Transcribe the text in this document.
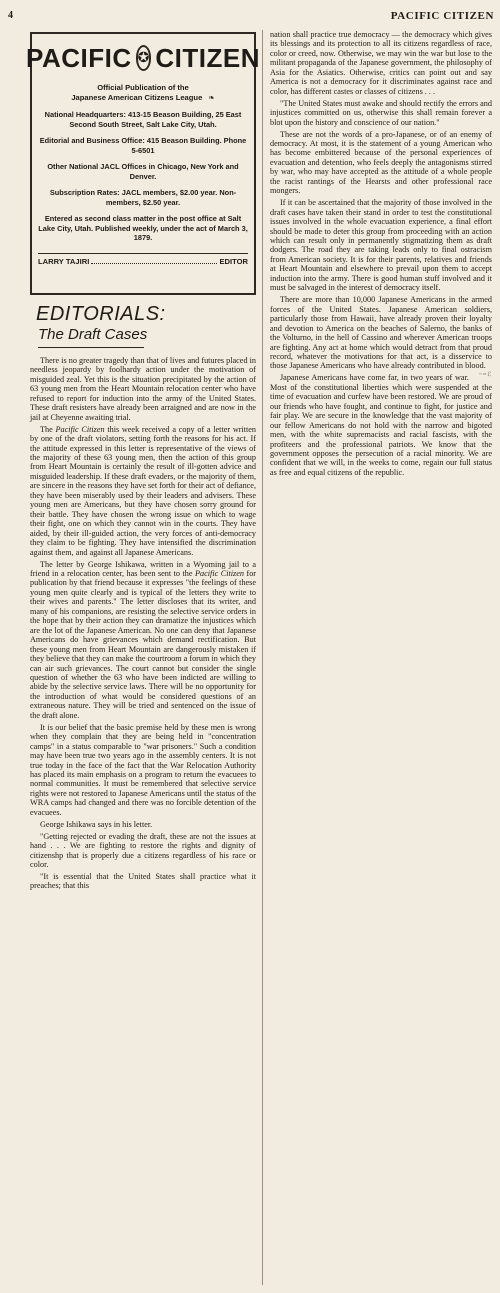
4	PACIFIC CITIZEN
PACIFIC ✪ CITIZEN
Official Publication of the
Japanese American Citizens League ❧

National Headquarters: 413-15 Beason Building, 25 East Second South Street, Salt Lake City, Utah.

Editorial and Business Office: 415 Beason Building. Phone 5-6501

Other National JACL Offices in Chicago, New York and Denver.

Subscription Rates: JACL members, $2.00 year. Non-members, $2.50 year.

Entered as second class matter in the post office at Salt Lake City, Utah. Published weekly, under the act of March 3, 1879.

LARRY TAJIRI	EDITOR
EDITORIALS:
The Draft Cases

There is no greater tragedy than that of lives and futures placed in needless jeopardy by foolhardy action under the motivation of misguided zeal. Yet this is the situation precipitated by the action of 63 young men from the Heart Mountain relocation center who have refused to report for induction into the army of the United States. These draft resisters have already been arraigned and are now in the jail at Cheyenne awaiting trial.

The Pacific Citizen this week received a copy of a letter written by one of the draft violators, setting forth the reasons for his act. If the attitude expressed in this letter is representative of the views of the majority of these 63 young men, then the action of this group from Heart Mountain is certainly the result of ill-gotten advice and misguided leadership. If these draft evaders, or the majority of them, are sincere in the reasons they have set forth for their act of defiance, they have been miserably used by their leaders and advisers. These young men are Americans, but they have chosen sorry ground for their battle. They have chosen the wrong issue on which to wage their fight, one on which they cannot win in the courts. They have aided, by their ill-guided action, the very forces of anti-democracy they claim to be fighting. They have intensified the discrimination against them, and against all Japanese Americans.

The letter by George Ishikawa, written in a Wyoming jail to a friend in a relocation center, has been sent to the Pacific Citizen for publication by that friend because it expresses "the feelings of these young men quite clearly and is typical of the letters they write to their wives and parents." The letter discloses that its writer, and many of his companions, are resisting the selective service orders in the hope that by their action they can dramatize the injustices which are the lot of the Japanese American. No one can deny that Japanese Americans do have grievances which demand rectification. But these young men from Heart Mountain are dangerously mistaken if they believe that they can make the courtroom a forum in which they can air such grievances. The court cannot but consider the single question of whether the 63 who have been indicted are willing to abide by the selective service laws. There will be no opportunity for the introduction of what would be considered questions of an extraneous nature. They will be tried and sentenced on the issue of the draft alone.

It is our belief that the basic premise held by these men is wrong when they complain that they are being held in "concentration camps" in a status comparable to "war prisoners." Such a condition may have been true two years ago in the assembly centers. It is not true today in the face of the fact that the War Relocation Authority has placed its main emphasis on a program to return the evacuees to normal communities. It must be remembered that selective service rights were not restored to Japanese Americans until the status of the WRA camps had changed and there was no forcible detention of the evacuees.

George Ishikawa says in his letter.

"Getting rejected or evading the draft, these are not the issues at hand . . . We are fighting to restore the rights and dignity of citizenshp that is properly due a citizens regardless of his race or color.

"It is essential that the United States shall practice what it preaches; that this

nation shall practice true democracy — the democracy which gives its blessings and its protection to all its citizens regardless of race, color or creed, now. Otherwise, we may win the war but lose to the militant propaganda of the Japanese government, the philosophy of Asia for the Asiatics. Otherwise, critics can point out and say America is not a democracy for it discriminates against race and color, has different castes or classes of citizens . . .

"The United States must awake and should rectify the errors and injustices committed on us, otherwise this shall remain forever a blot upon the history and conscience of our nation."

These are not the words of a pro-Japanese, or of an enemy of democracy. At most, it is the statement of a young American who has become embittered because of the personal experiences of evacuation and detention, who feels deeply the antagonisms stirred by war, who may have accepted as the attitude of a whole people the racist rantings of the Hearsts and other professional race mongers.

If it can be ascertained that the majority of those involved in the draft cases have taken their stand in order to test the constitutional issues involved in the whole evacuation experience, a final effort should be made to deter this group from proceeding with an action which can result only in permanently stigmatizing them as draft dodgers. The road they are taking leads only to final ostracism from American society. It is for their parents, relatives and friends at Heart Mountain and elsewhere to prevail upon them to accept induction into the army. There is good human stuff involved and it must be salvaged in the interest of democracy itself.

There are more than 10,000 Japanese Americans in the armed forces of the United States. Japanese American soldiers, particularly those from Hawaii, have already proven their loyalty and devotion to America on the beaches of Salerno, the banks of the Volturno, in the hell of Cassino and wherever American troops are fighting. Any act at home which would detract from that proud record, whatever the motivations for that act, is a disservice to those Japanese Americans who have already contributed in blood.
~≈ℰ

Japanese Americans have come far, in two years of war. Most of the constitutional liberties which were suspended at the time of evacuation and curfew have been restored. We are proud of our friends who have fought, and continue to fight, for justice and fair play. We are secure in the knowledge that the vast majority of our fellow Americans do not hold with the narrow and bigoted men, with the white supremacists and racial fascists, with the profiteers and the professional patriots. We know that the government opposes the persecution of a racial minority. We are confident that we will, in the weeks to come, regain our full status as free and equal citizens of the republic.
